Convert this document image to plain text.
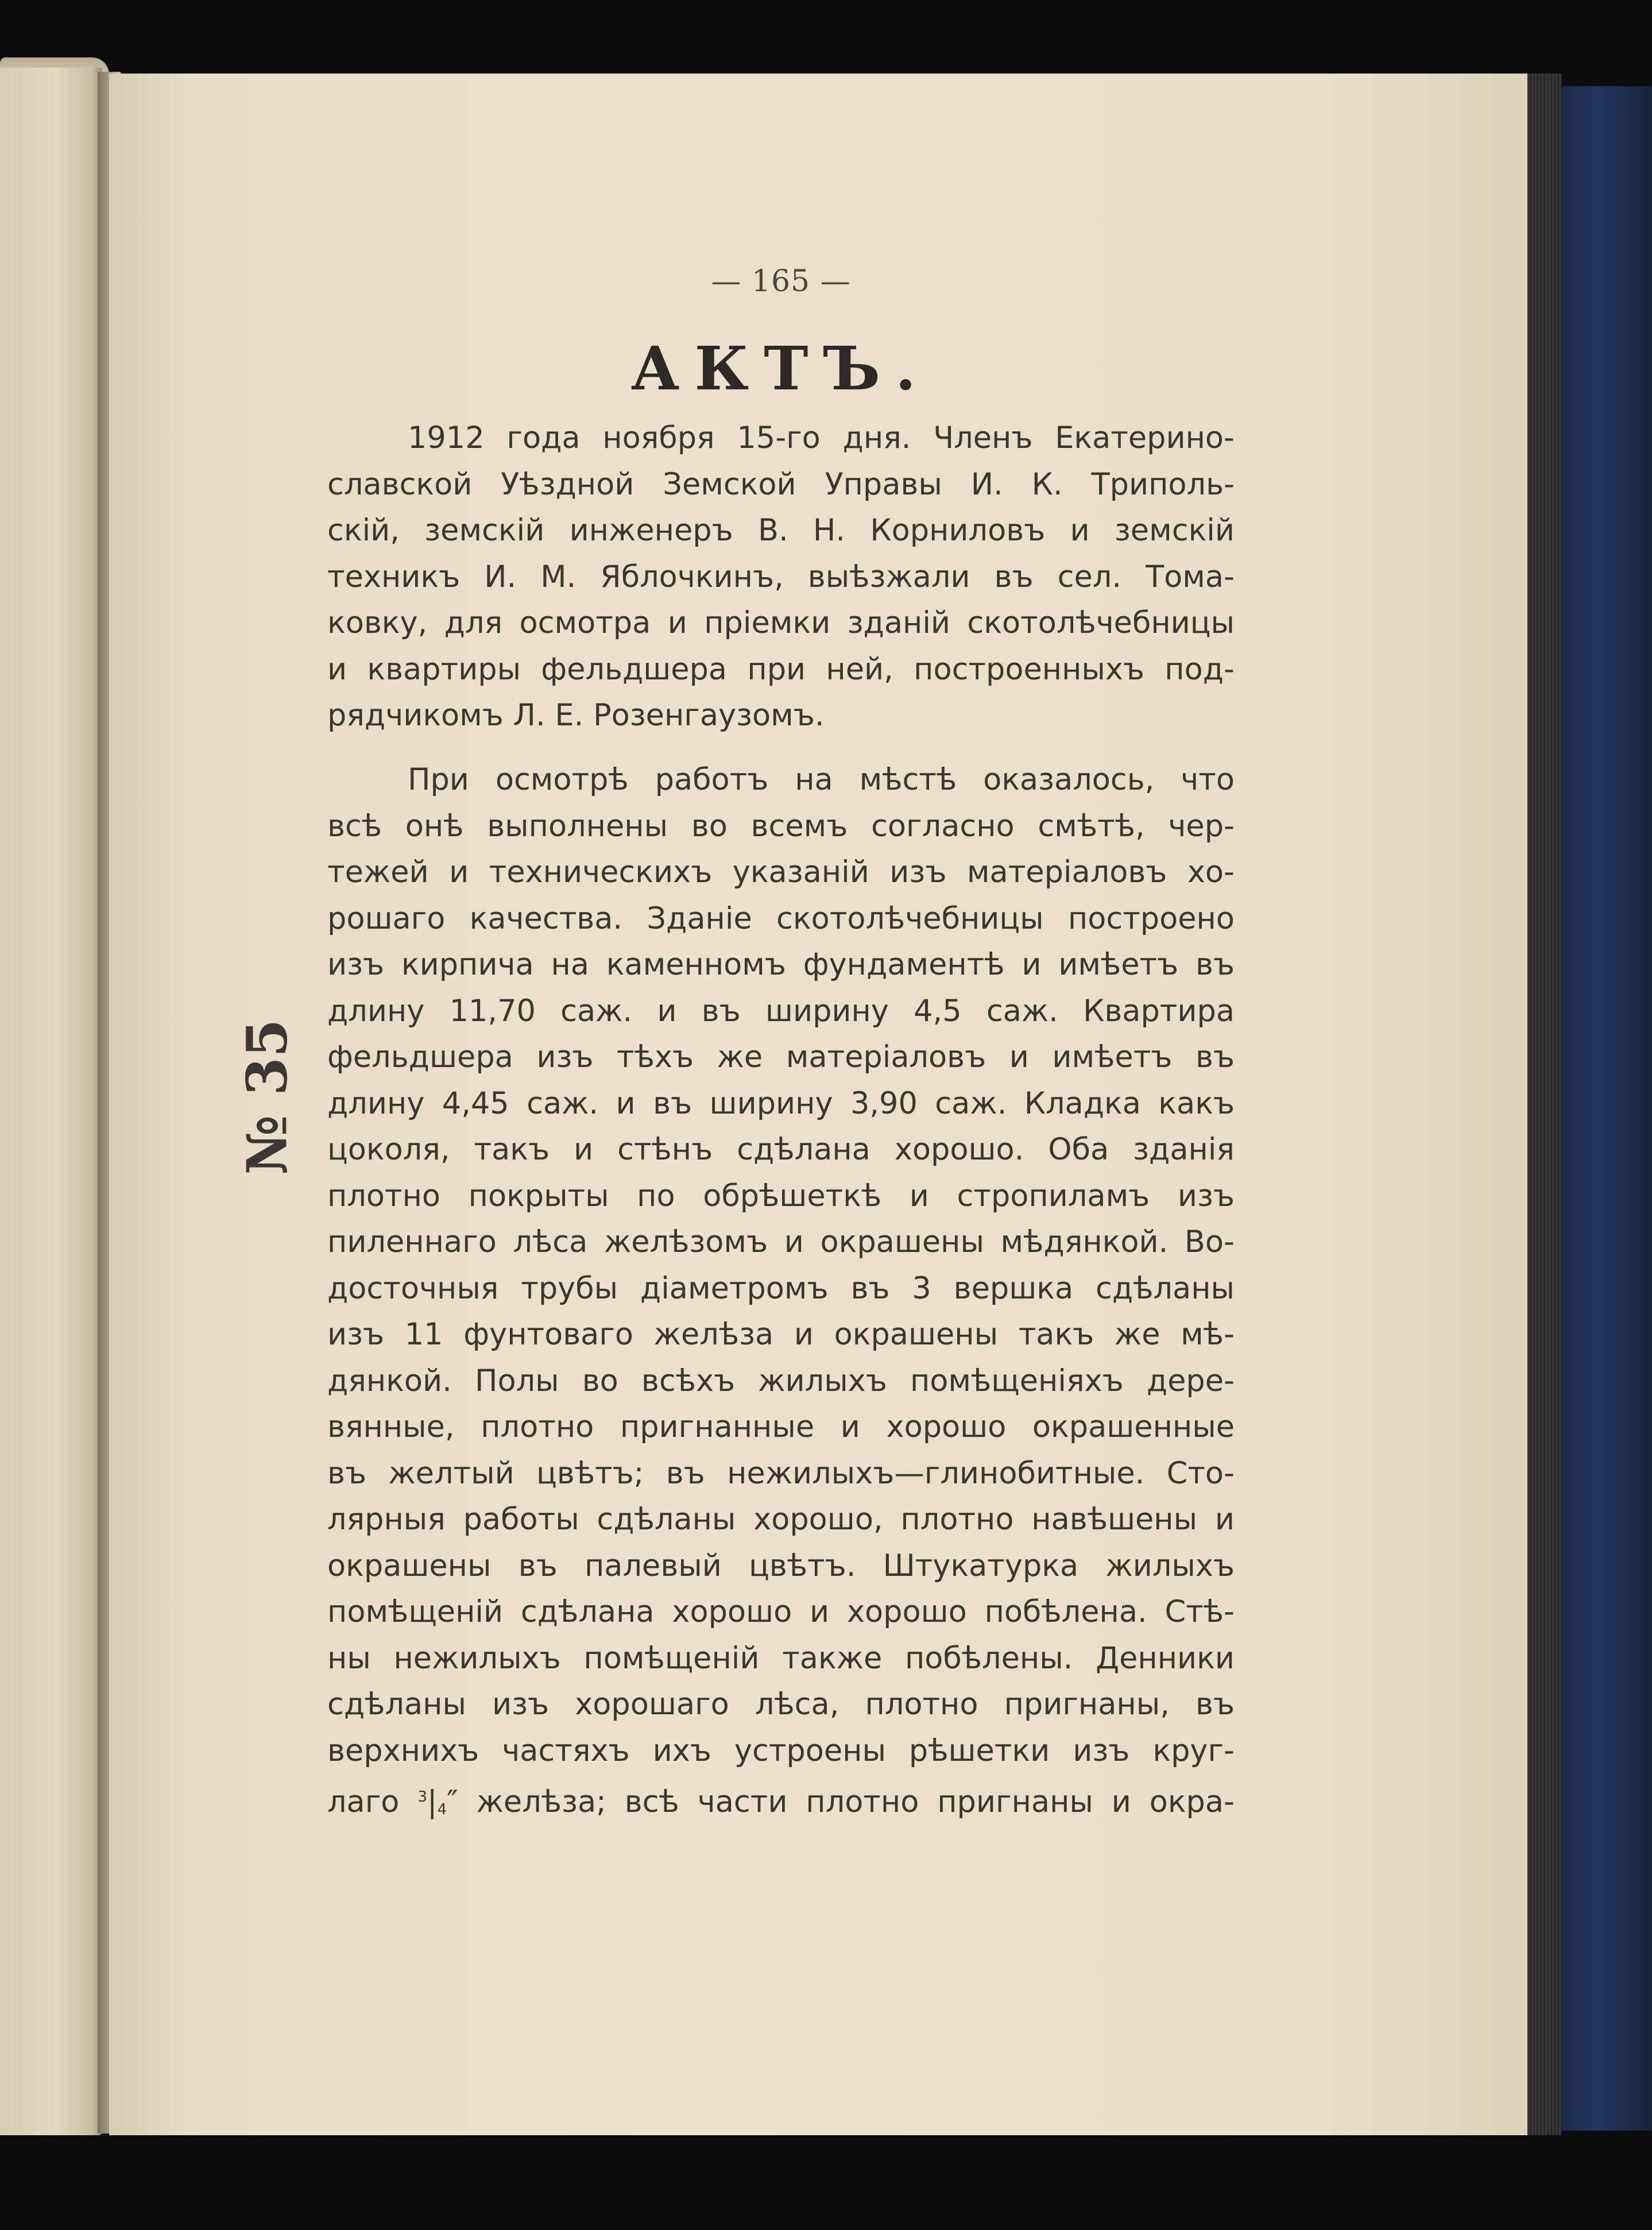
№ 35
— 165 —
АКТЪ.
1912 года ноября 15-го дня. Членъ Екатерино-
славской Уѣздной Земской Управы И. К. Триполь-
скій, земскій инженеръ В. Н. Корниловъ и земскій
техникъ И. М. Яблочкинъ, выѣзжали въ сел. Тома-
ковку, для осмотра и пріемки зданій скотолѣчебницы
и квартиры фельдшера при ней, построенныхъ под-
рядчикомъ Л. Е. Розенгаузомъ.
При осмотрѣ работъ на мѣстѣ оказалось, что
всѣ онѣ выполнены во всемъ согласно смѣтѣ, чер-
тежей и техническихъ указаній изъ матеріаловъ хо-
рошаго качества. Зданіе скотолѣчебницы построено
изъ кирпича на каменномъ фундаментѣ и имѣетъ въ
длину 11,70 саж. и въ ширину 4,5 саж. Квартира
фельдшера изъ тѣхъ же матеріаловъ и имѣетъ въ
длину 4,45 саж. и въ ширину 3,90 саж. Кладка какъ
цоколя, такъ и стѣнъ сдѣлана хорошо. Оба зданія
плотно покрыты по обрѣшеткѣ и стропиламъ изъ
пиленнаго лѣса желѣзомъ и окрашены мѣдянкой. Во-
досточныя трубы діаметромъ въ 3 вершка сдѣланы
изъ 11 фунтоваго желѣза и окрашены такъ же мѣ-
дянкой. Полы во всѣхъ жилыхъ помѣщеніяхъ дере-
вянные, плотно пригнанные и хорошо окрашенные
въ желтый цвѣтъ; въ нежилыхъ—глинобитные. Сто-
лярныя работы сдѣланы хорошо, плотно навѣшены и
окрашены въ палевый цвѣтъ. Штукатурка жилыхъ
помѣщеній сдѣлана хорошо и хорошо побѣлена. Стѣ-
ны нежилыхъ помѣщеній также побѣлены. Денники
сдѣланы изъ хорошаго лѣса, плотно пригнаны, въ
верхнихъ частяхъ ихъ устроены рѣшетки изъ круг-
лаго $^3$|4″ желѣза; всѣ части плотно пригнаны и окра-
